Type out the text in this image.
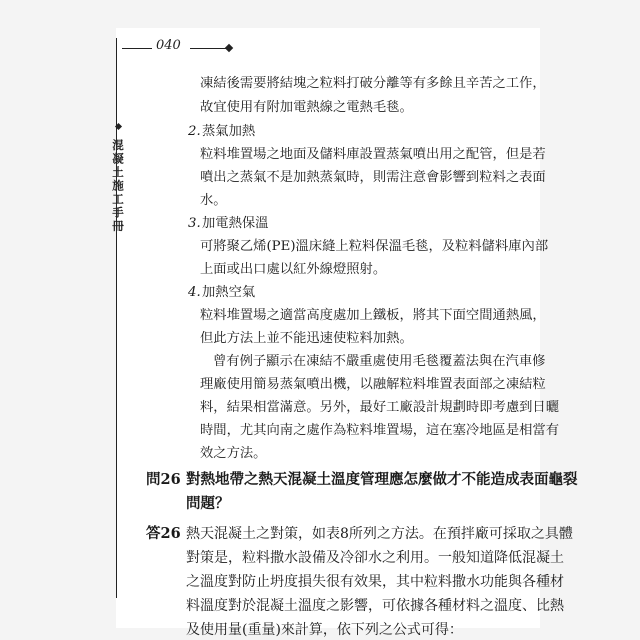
040
混凝土施工手冊
凍結後需要將結塊之粒料打破分離等有多餘且辛苦之工作，
故宜使用有附加電熱線之電熱毛毯。
2. 蒸氣加熱
粒料堆置場之地面及儲料庫設置蒸氣噴出用之配管，但是若
噴出之蒸氣不是加熱蒸氣時，則需注意會影響到粒料之表面
水。
3. 加電熱保溫
可將聚乙烯(PE)溫床縫上粒料保溫毛毯，及粒料儲料庫內部
上面或出口處以紅外線燈照射。
4. 加熱空氣
粒料堆置場之適當高度處加上鐵板，將其下面空間通熱風，
但此方法上並不能迅速使粒料加熱。
曾有例子顯示在凍結不嚴重處使用毛毯覆蓋法與在汽車修
理廠使用簡易蒸氣噴出機，以融解粒料堆置表面部之凍結粒
料，結果相當滿意。另外，最好工廠設計規劃時即考慮到日曬
時間，尤其向南之處作為粒料堆置場，這在塞冷地區是相當有
效之方法。
問26 對熱地帶之熱天混凝土溫度管理應怎麼做才不能造成表面龜裂
問題？
答26 熱天混凝土之對策，如表8所列之方法。在預拌廠可採取之具體
對策是，粒料撒水設備及冷卻水之利用。一般知道降低混凝土
之溫度對防止坍度損失很有效果，其中粒料撒水功能與各種材
料溫度對於混凝土溫度之影響，可依據各種材料之溫度、比熱
及使用量(重量)來計算，依下列之公式可得：
